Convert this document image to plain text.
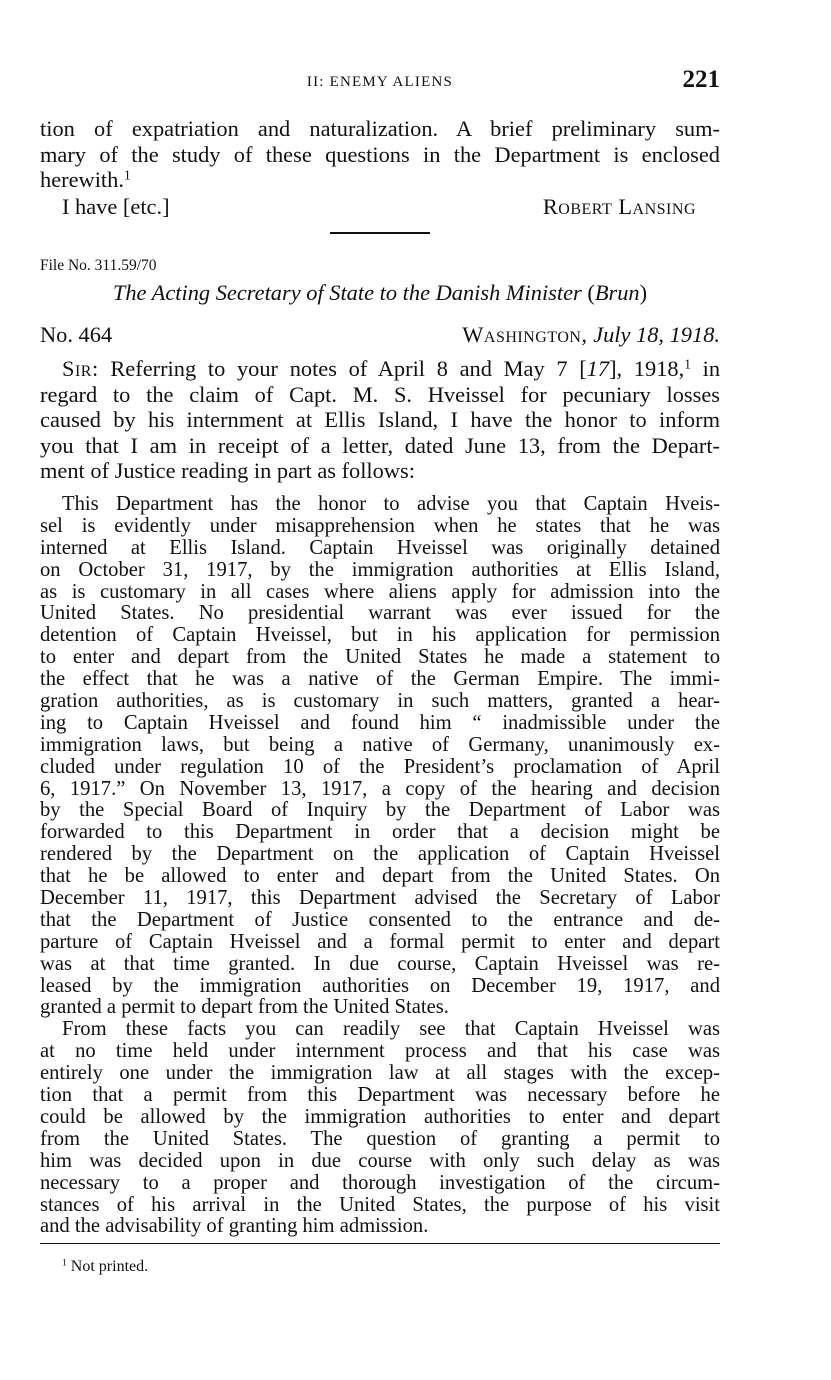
II: ENEMY ALIENS	221
tion of expatriation and naturalization. A brief preliminary sum-
mary of the study of these questions in the Department is enclosed
herewith.$^1$
I have [etc.]	Robert Lansing
File No. 311.59/70
The Acting Secretary of State to the Danish Minister (Brun)
No. 464	Washington, July 18, 1918.
Sir: Referring to your notes of April 8 and May 7 [17], 1918,$^1$ in
regard to the claim of Capt. M. S. Hveissel for pecuniary losses
caused by his internment at Ellis Island, I have the honor to inform
you that I am in receipt of a letter, dated June 13, from the Depart-
ment of Justice reading in part as follows:
This Department has the honor to advise you that Captain Hveis-
sel is evidently under misapprehension when he states that he was
interned at Ellis Island. Captain Hveissel was originally detained
on October 31, 1917, by the immigration authorities at Ellis Island,
as is customary in all cases where aliens apply for admission into the
United States. No presidential warrant was ever issued for the
detention of Captain Hveissel, but in his application for permission
to enter and depart from the United States he made a statement to
the effect that he was a native of the German Empire. The immi-
gration authorities, as is customary in such matters, granted a hear-
ing to Captain Hveissel and found him “ inadmissible under the
immigration laws, but being a native of Germany, unanimously ex-
cluded under regulation 10 of the President’s proclamation of April
6, 1917.” On November 13, 1917, a copy of the hearing and decision
by the Special Board of Inquiry by the Department of Labor was
forwarded to this Department in order that a decision might be
rendered by the Department on the application of Captain Hveissel
that he be allowed to enter and depart from the United States. On
December 11, 1917, this Department advised the Secretary of Labor
that the Department of Justice consented to the entrance and de-
parture of Captain Hveissel and a formal permit to enter and depart
was at that time granted. In due course, Captain Hveissel was re-
leased by the immigration authorities on December 19, 1917, and
granted a permit to depart from the United States.
From these facts you can readily see that Captain Hveissel was
at no time held under internment process and that his case was
entirely one under the immigration law at all stages with the excep-
tion that a permit from this Department was necessary before he
could be allowed by the immigration authorities to enter and depart
from the United States. The question of granting a permit to
him was decided upon in due course with only such delay as was
necessary to a proper and thorough investigation of the circum-
stances of his arrival in the United States, the purpose of his visit
and the advisability of granting him admission.
$^1$ Not printed.
